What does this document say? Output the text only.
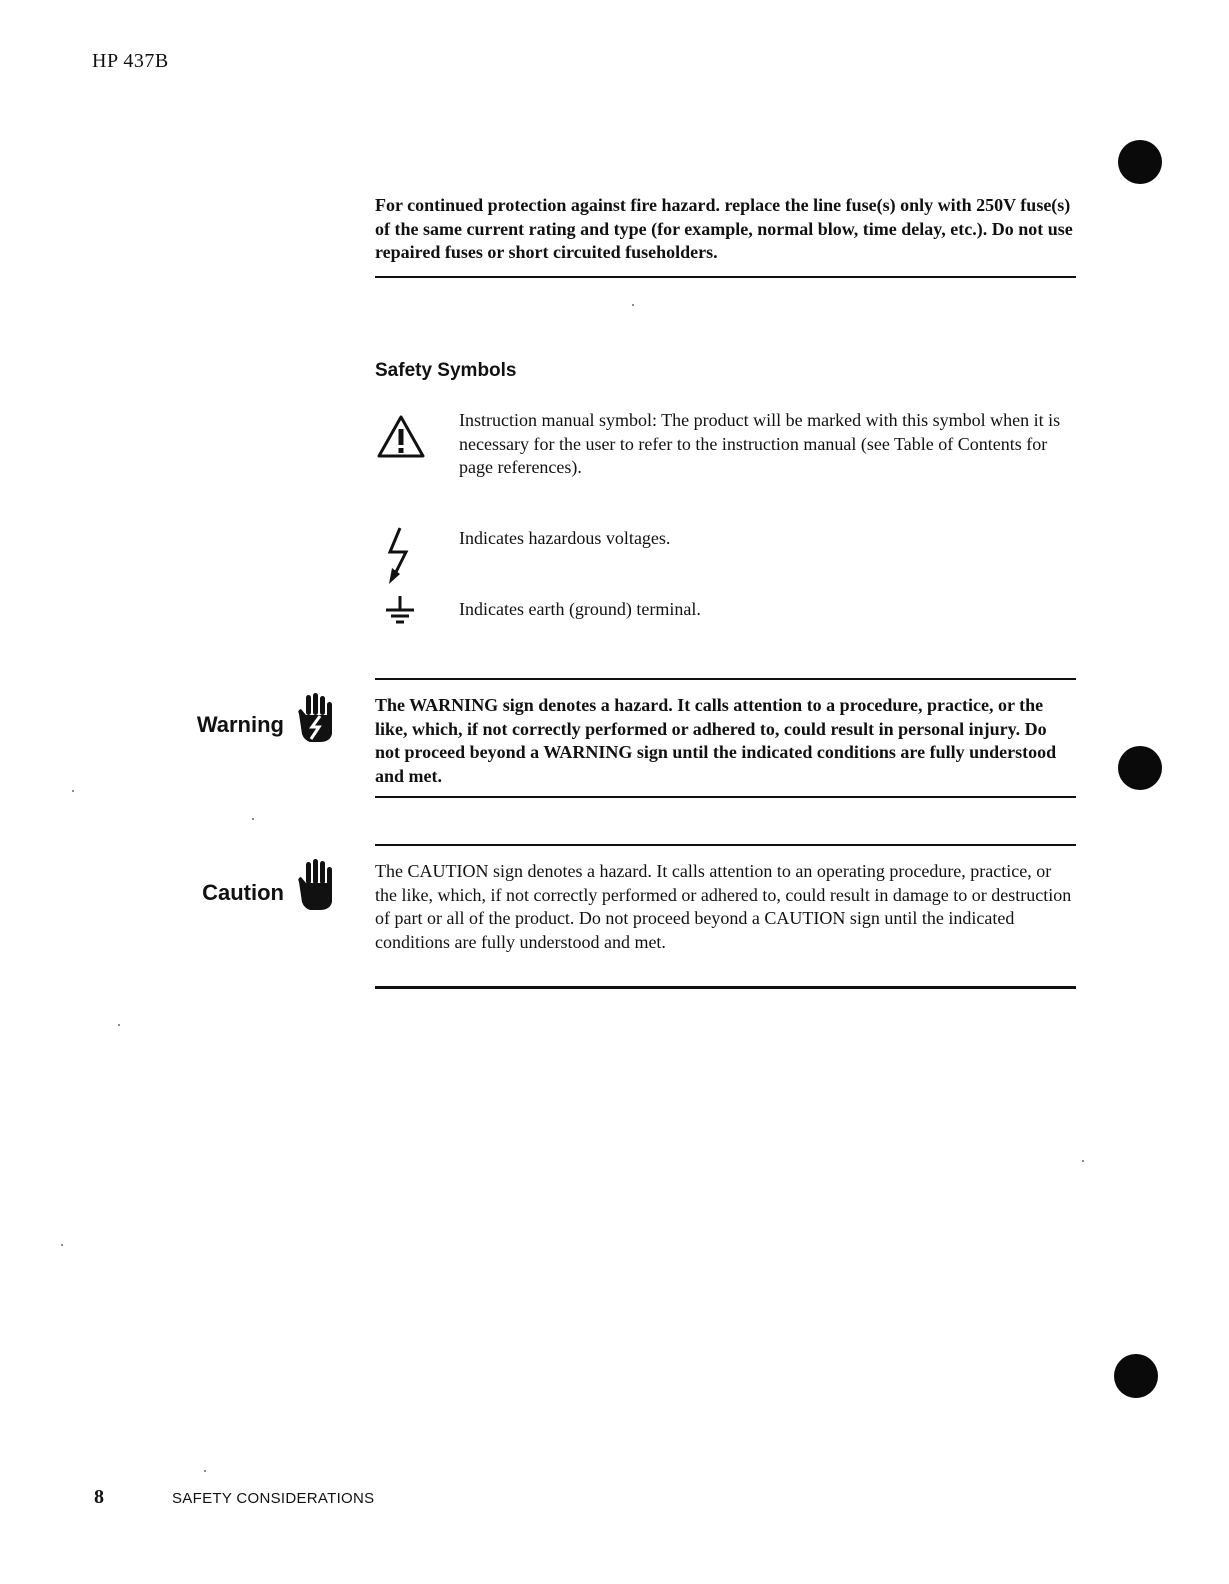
HP 437B
For continued protection against fire hazard. replace the line fuse(s) only with 250V fuse(s) of the same current rating and type (for example, normal blow, time delay, etc.). Do not use repaired fuses or short circuited fuseholders.
Safety Symbols
Instruction manual symbol: The product will be marked with this symbol when it is necessary for the user to refer to the instruction manual (see Table of Contents for page references).
Indicates hazardous voltages.
Indicates earth (ground) terminal.
Warning
The WARNING sign denotes a hazard. It calls attention to a procedure, practice, or the like, which, if not correctly performed or adhered to, could result in personal injury. Do not proceed beyond a WARNING sign until the indicated conditions are fully understood and met.
Caution
The CAUTION sign denotes a hazard. It calls attention to an operating procedure, practice, or the like, which, if not correctly performed or adhered to, could result in damage to or destruction of part or all of the product. Do not proceed beyond a CAUTION sign until the indicated conditions are fully understood and met.
8	SAFETY CONSIDERATIONS
